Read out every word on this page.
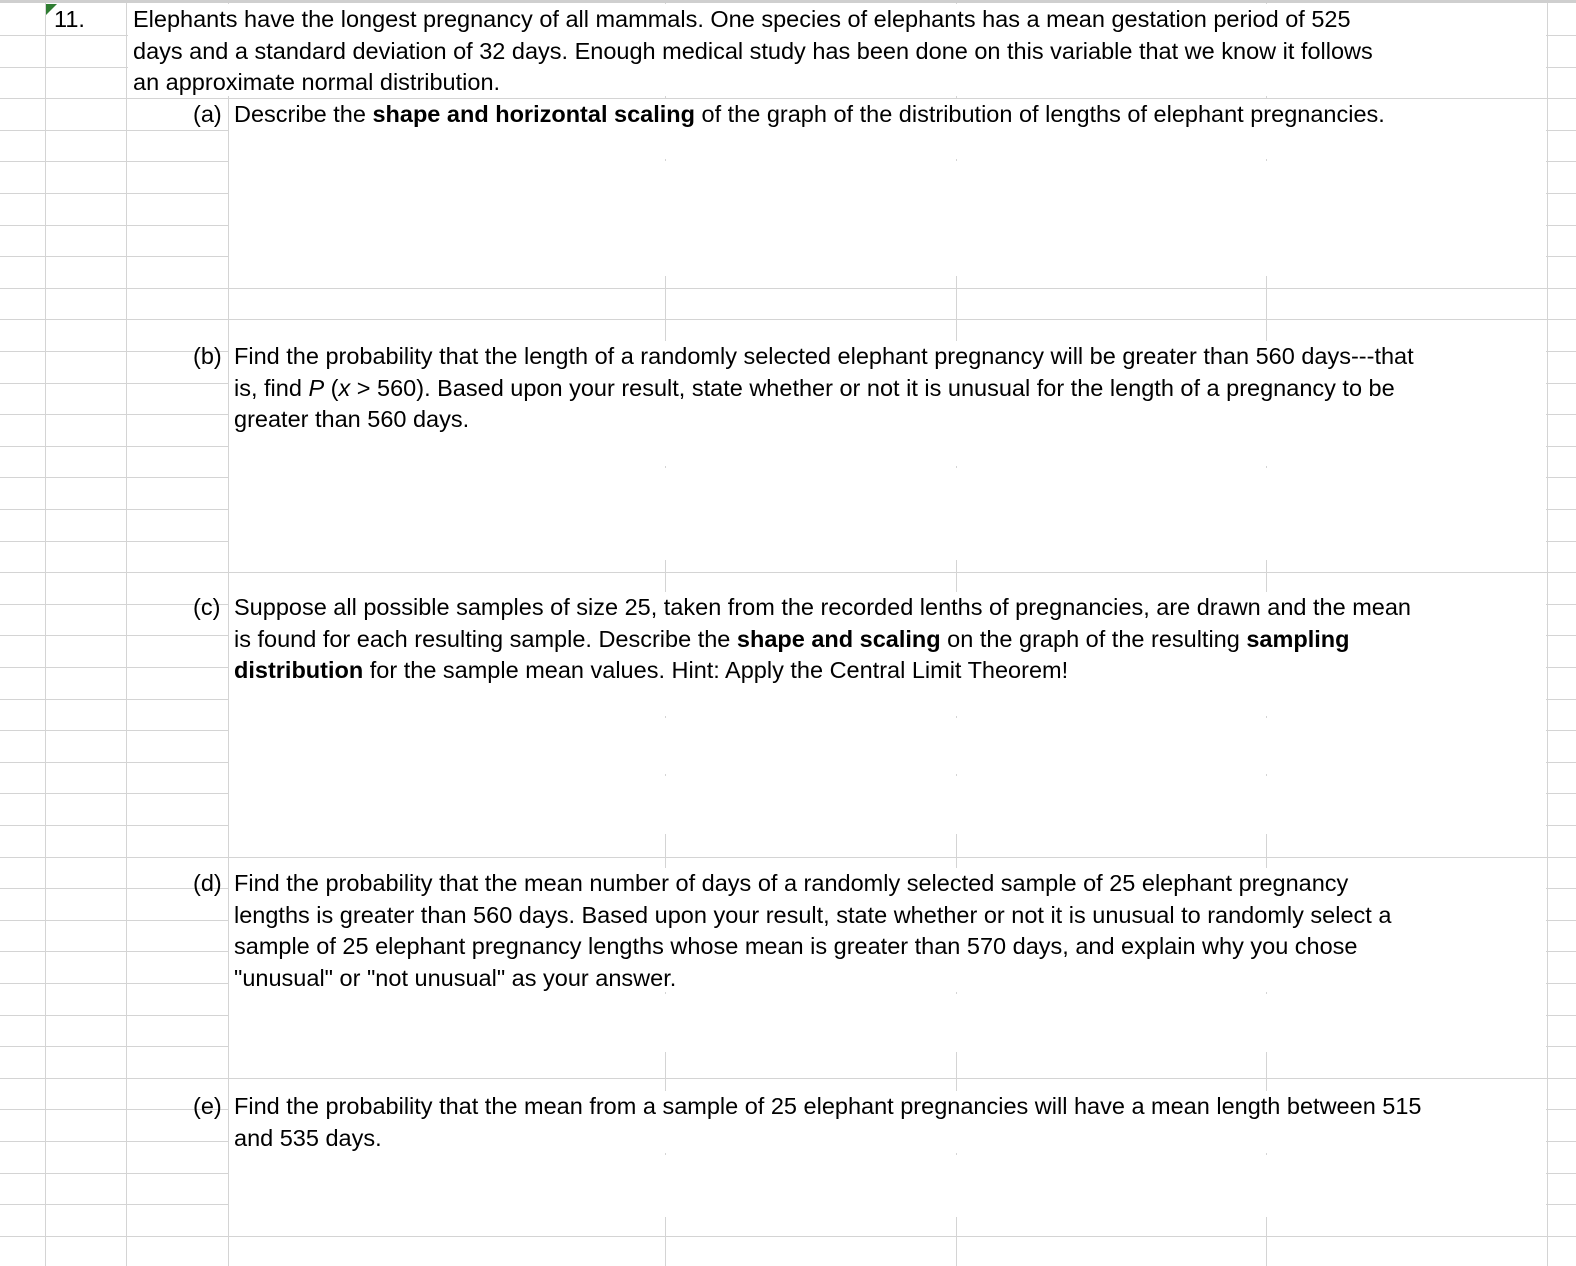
11. Elephants have the longest pregnancy of all mammals. One species of elephants has a mean gestation period of 525
days and a standard deviation of 32 days. Enough medical study has been done on this variable that we know it follows
an approximate normal distribution.
(a) Describe the shape and horizontal scaling of the graph of the distribution of lengths of elephant pregnancies.
(b) Find the probability that the length of a randomly selected elephant pregnancy will be greater than 560 days---that
is, find P (x > 560). Based upon your result, state whether or not it is unusual for the length of a pregnancy to be
greater than 560 days.
(c) Suppose all possible samples of size 25, taken from the recorded lenths of pregnancies, are drawn and the mean
is found for each resulting sample. Describe the shape and scaling on the graph of the resulting sampling
distribution for the sample mean values. Hint: Apply the Central Limit Theorem!
(d) Find the probability that the mean number of days of a randomly selected sample of 25 elephant pregnancy
lengths is greater than 560 days. Based upon your result, state whether or not it is unusual to randomly select a
sample of 25 elephant pregnancy lengths whose mean is greater than 570 days, and explain why you chose
"unusual" or "not unusual" as your answer.
(e) Find the probability that the mean from a sample of 25 elephant pregnancies will have a mean length between 515
and 535 days.
